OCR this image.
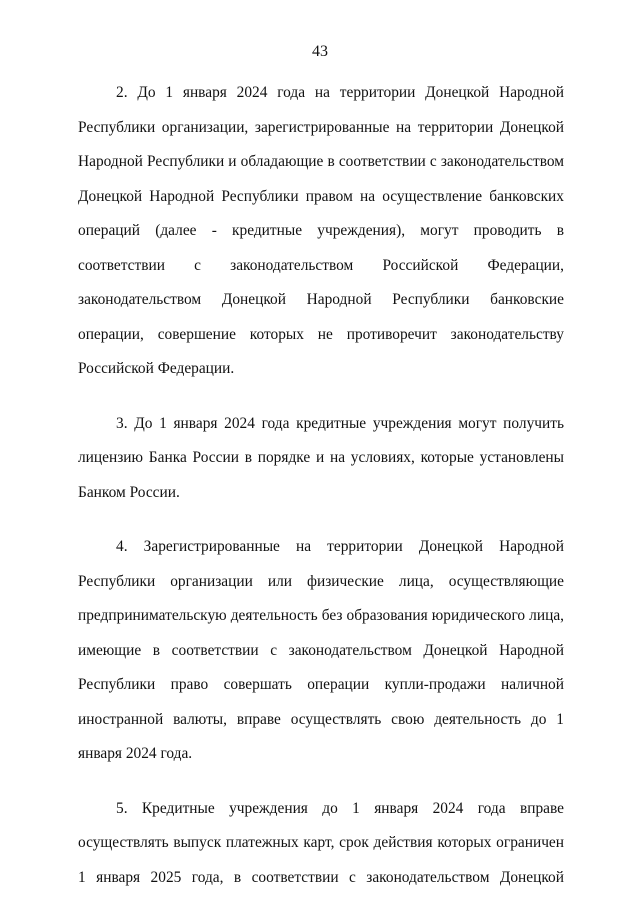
43

2. До 1 января 2024 года на территории Донецкой Народной Республики организации, зарегистрированные на территории Донецкой Народной Республики и обладающие в соответствии с законодательством Донецкой Народной Республики правом на осуществление банковских операций (далее - кредитные учреждения), могут проводить в соответствии с законодательством Российской Федерации, законодательством Донецкой Народной Республики банковские операции, совершение которых не противоречит законодательству Российской Федерации.

3. До 1 января 2024 года кредитные учреждения могут получить лицензию Банка России в порядке и на условиях, которые установлены Банком России.

4. Зарегистрированные на территории Донецкой Народной Республики организации или физические лица, осуществляющие предпринимательскую деятельность без образования юридического лица, имеющие в соответствии с законодательством Донецкой Народной Республики право совершать операции купли-продажи наличной иностранной валюты, вправе осуществлять свою деятельность до 1 января 2024 года.

5. Кредитные учреждения до 1 января 2024 года вправе осуществлять выпуск платежных карт, срок действия которых ограничен 1 января 2025 года, в соответствии с законодательством Донецкой
